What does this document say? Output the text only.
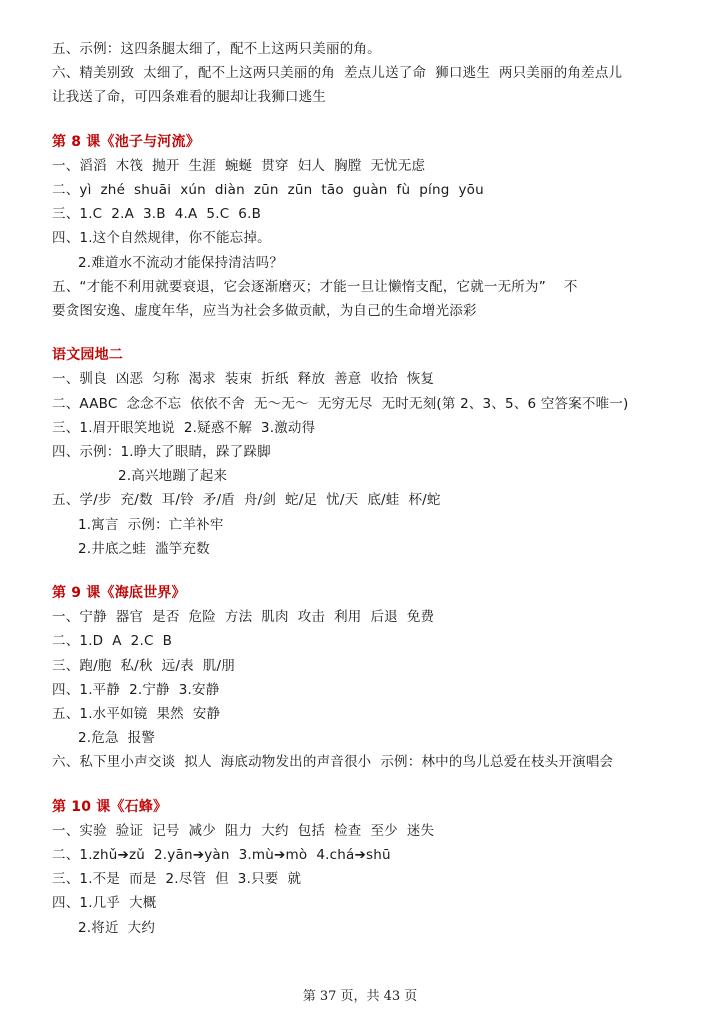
五、示例：这四条腿太细了，配不上这两只美丽的角。
六、精美别致  太细了，配不上这两只美丽的角  差点儿送了命  狮口逃生  两只美丽的角差点儿
让我送了命，可四条难看的腿却让我狮口逃生
第 8 课《池子与河流》
一、滔滔  木筏  抛开  生涯  蜿蜒  贯穿  妇人  胸膛  无忧无虑
二、yì  zhé  shuāi  xún  diàn  zūn  zūn  tāo  guàn  fù  píng  yōu
三、1.C  2.A  3.B  4.A  5.C  6.B
四、1.这个自然规律，你不能忘掉。
2.难道水不流动才能保持清洁吗？
五、“才能不利用就要衰退，它会逐渐磨灭；才能一旦让懒惰支配，它就一无所为”    不
要贪图安逸、虚度年华，应当为社会多做贡献，为自己的生命增光添彩
语文园地二
一、驯良  凶恶  匀称  渴求  装束  折纸  释放  善意  收拾  恢复
二、AABC  念念不忘  依依不舍  无～无～  无穷无尽  无时无刻(第 2、3、5、6 空答案不唯一)
三、1.眉开眼笑地说  2.疑惑不解  3.激动得
四、示例：1.睁大了眼睛，跺了跺脚
2.高兴地蹦了起来
五、学/步  充/数  耳/铃  矛/盾  舟/剑  蛇/足  忧/天  底/蛙  杯/蛇
1.寓言  示例：亡羊补牢
2.井底之蛙  滥竽充数
第 9 课《海底世界》
一、宁静  器官  是否  危险  方法  肌肉  攻击  利用  后退  免费
二、1.D  A  2.C  B
三、跑/胞  私/秋  远/表  肌/朋
四、1.平静  2.宁静  3.安静
五、1.水平如镜  果然  安静
2.危急  报警
六、私下里小声交谈  拟人  海底动物发出的声音很小  示例：林中的鸟儿总爱在枝头开演唱会
第 10 课《石蜂》
一、实验  验证  记号  减少  阻力  大约  包括  检查  至少  迷失
二、1.zhǔ➔zǔ  2.yān➔yàn  3.mù➔mò  4.chá➔shū
三、1.不是  而是  2.尽管  但  3.只要  就
四、1.几乎  大概
2.将近  大约
第 37 页，共 43 页
